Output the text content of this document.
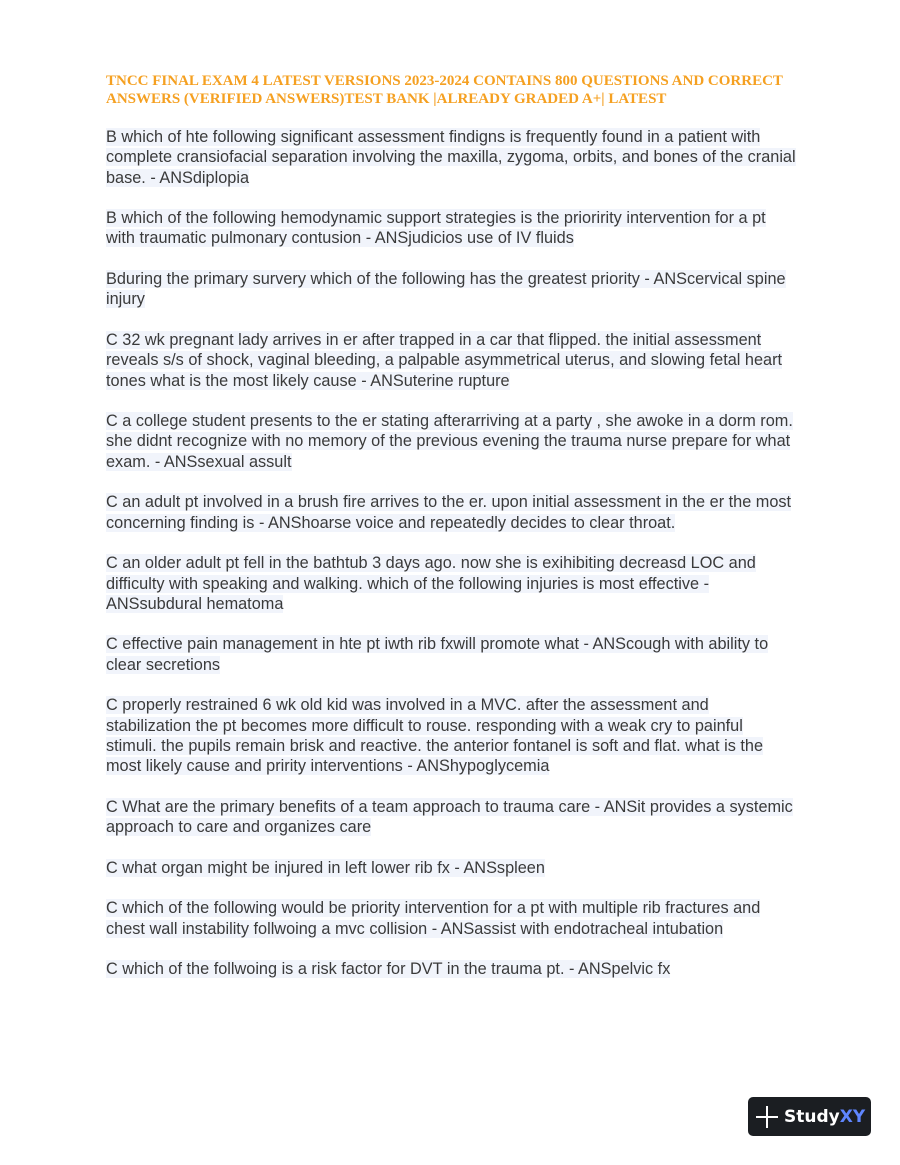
TNCC FINAL EXAM 4 LATEST VERSIONS 2023-2024 CONTAINS 800 QUESTIONS AND CORRECT ANSWERS (VERIFIED ANSWERS)TEST BANK |ALREADY GRADED A+| LATEST

B which of hte following significant assessment findigns is frequently found in a patient with complete cransiofacial separation involving the maxilla, zygoma, orbits, and bones of the cranial base. - ANSdiplopia

B which of the following hemodynamic support strategies is the prioririty intervention for a pt with traumatic pulmonary contusion - ANSjudicios use of IV fluids

Bduring the primary survery which of the following has the greatest priority - ANScervical spine injury

C 32 wk pregnant lady arrives in er after trapped in a car that flipped. the initial assessment reveals s/s of shock, vaginal bleeding, a palpable asymmetrical uterus, and slowing fetal heart tones what is the most likely cause - ANSuterine rupture

C a college student presents to the er stating afterarriving at a party , she awoke in a dorm rom. she didnt recognize with no memory of the previous evening the trauma nurse prepare for what exam. - ANSsexual assult

C an adult pt involved in a brush fire arrives to the er. upon initial assessment in the er the most concerning finding is - ANShoarse voice and repeatedly decides to clear throat.

C an older adult pt fell in the bathtub 3 days ago. now she is exihibiting decreasd LOC and difficulty with speaking and walking. which of the following injuries is most effective - ANSsubdural hematoma

C effective pain management in hte pt iwth rib fxwill promote what - ANScough with ability to clear secretions

C properly restrained 6 wk old kid was involved in a MVC. after the assessment and stabilization the pt becomes more difficult to rouse. responding with a weak cry to painful stimuli. the pupils remain brisk and reactive. the anterior fontanel is soft and flat. what is the most likely cause and pririty interventions - ANShypoglycemia

C What are the primary benefits of a team approach to trauma care - ANSit provides a systemic approach to care and organizes care

C what organ might be injured in left lower rib fx - ANSspleen

C which of the following would be priority intervention for a pt with multiple rib fractures and chest wall instability follwoing a mvc collision - ANSassist with endotracheal intubation

C which of the follwoing is a risk factor for DVT in the trauma pt. - ANSpelvic fx

StudyXY
